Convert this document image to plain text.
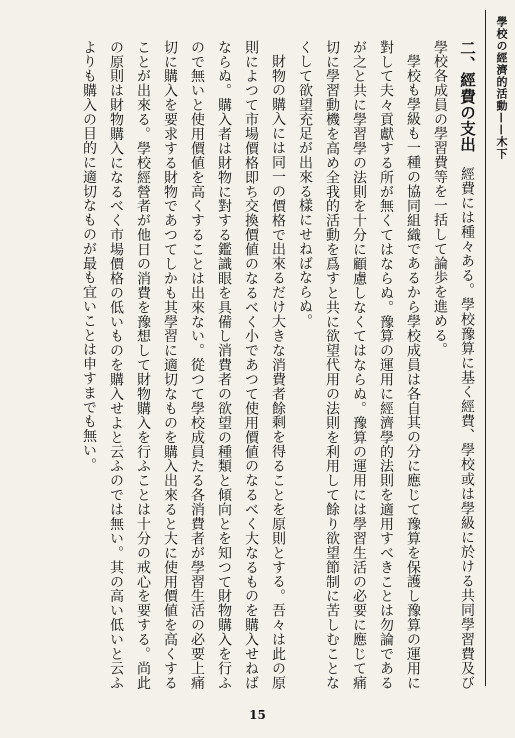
學校の經濟的活動——木下

二、經費の支出經費には種々ある。學校豫算に基く經費、學校或は學級に於ける共同學習費及び學校各成員の學習費等を一括して論歩を進める。

學校も學級も一種の協同組織であるから學校成員は各自其の分に應じて豫算を保護し豫算の運用に對して夫々貢獻する所が無くてはならぬ。豫算の運用に經濟學的法則を適用すべきことは勿論であるが之と共に學習學の法則を十分に顧慮しなくてはならぬ。豫算の運用には學習生活の必要に應じて痛切に學習動機を高め全我的活動を爲すと共に欲望代用の法則を利用して餘り欲望節制に苦しむことなくして欲望充足が出來る樣にせねばならぬ。

財物の購入には同一の價格で出來るだけ大きな消費者餘剩を得ることを原則とする。吾々は此の原則によつて市場價格即ち交換價値のなるべく小であつて使用價値のなるべく大なるものを購入せねばならぬ。購入者は財物に對する鑑識眼を具備し消費者の欲望の種類と傾向とを知つて財物購入を行ふので無いと使用價値を高くすることは出來ない。從つて學校成員たる各消費者が學習生活の必要上痛切に購入を要求する財物であつてしかも其學習に適切なものを購入出來ると大に使用價値を高くすることが出來る。學校經營者が他日の消費を豫想して財物購入を行ふことは十分の戒心を要する。尚此の原則は財物購入になるべく市場價格の低いものを購入せよと云ふのでは無い。其の高い低いと云ふよりも購入の目的に適切なものが最も宜いことは申すまでも無い。

15
